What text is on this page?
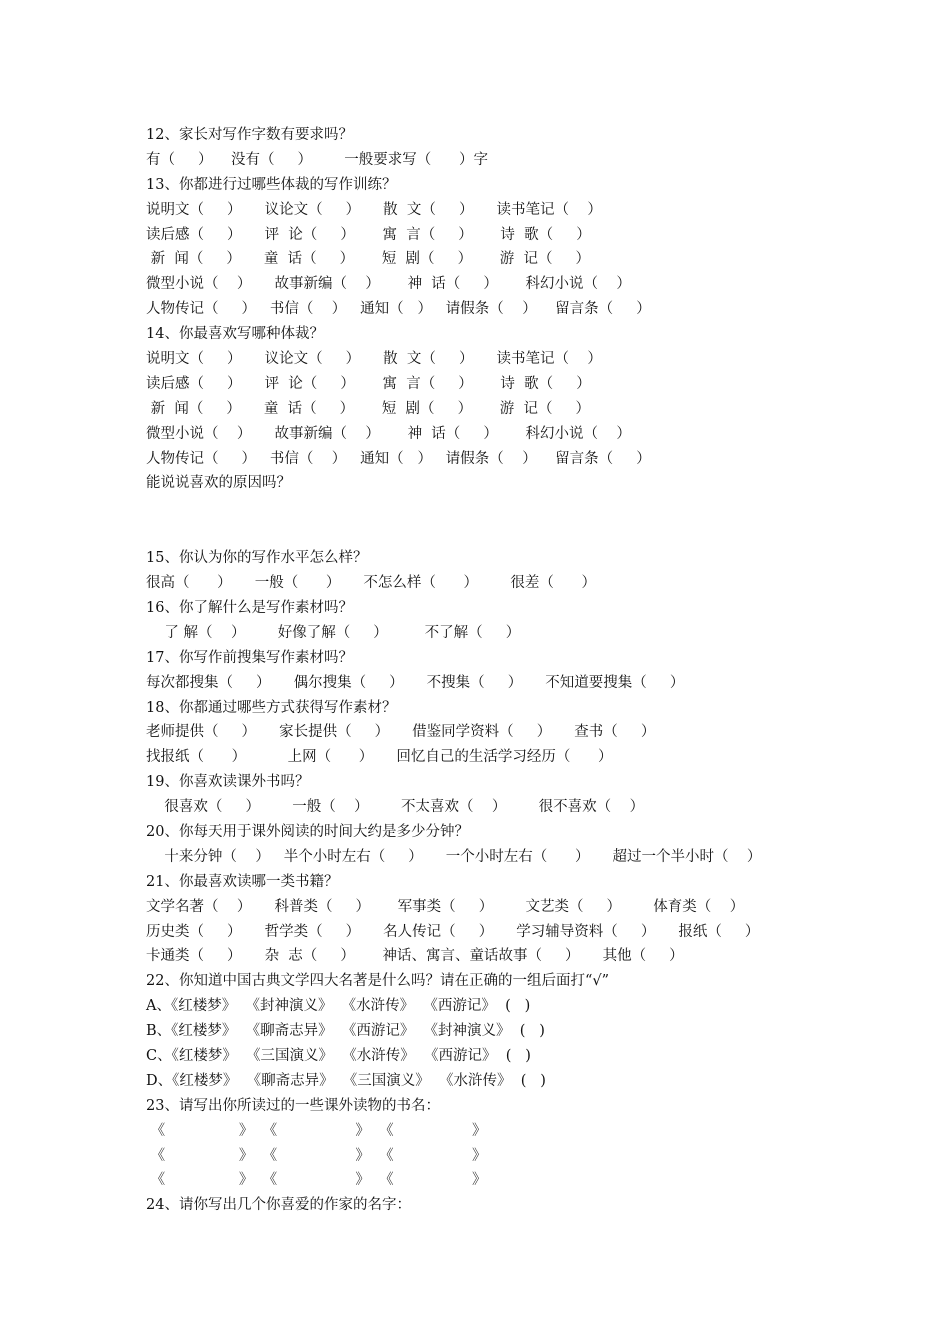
12、家长对写作字数有要求吗？
有（     ）    没有（     ）       一般要求写（      ）字
13、你都进行过哪些体裁的写作训练？
说明文（     ）     议论文（     ）     散  文（     ）     读书笔记（    ）
读后感（     ）     评  论（     ）      寓  言（     ）      诗  歌（     ）
新  闻（     ）     童  话（     ）      短  剧（     ）      游  记（     ）
微型小说（    ）     故事新编（    ）      神  话（     ）      科幻小说（    ）
人物传记（     ）   书信（    ）   通知（   ）   请假条（    ）    留言条（     ）
14、你最喜欢写哪种体裁？
说明文（     ）     议论文（     ）     散  文（     ）     读书笔记（    ）
读后感（     ）     评  论（     ）      寓  言（     ）      诗  歌（     ）
新  闻（     ）     童  话（     ）      短  剧（     ）      游  记（     ）
微型小说（    ）     故事新编（    ）      神  话（     ）      科幻小说（    ）
人物传记（     ）   书信（    ）   通知（   ）   请假条（    ）    留言条（     ）
能说说喜欢的原因吗？
15、你认为你的写作水平怎么样？
很高（      ）     一般（      ）     不怎么样（      ）       很差（      ）
16、你了解什么是写作素材吗？
了 解（    ）       好像了解（     ）        不了解（     ）
17、你写作前搜集写作素材吗？
每次都搜集（     ）     偶尔搜集（     ）     不搜集（     ）     不知道要搜集（     ）
18、你都通过哪些方式获得写作素材？
老师提供（     ）     家长提供（     ）     借鉴同学资料（     ）     查书（     ）
找报纸（      ）         上网（      ）     回忆自己的生活学习经历（      ）
19、你喜欢读课外书吗？
很喜欢（     ）       一般（    ）       不太喜欢（    ）       很不喜欢（    ）
20、你每天用于课外阅读的时间大约是多少分钟？
十来分钟（    ）   半个小时左右（     ）     一个小时左右（      ）     超过一个半小时（    ）
21、你最喜欢读哪一类书籍？
文学名著（    ）     科普类（     ）      军事类（     ）       文艺类（     ）       体育类（    ）
历史类（     ）     哲学类（     ）     名人传记（     ）     学习辅导资料（     ）     报纸（     ）
卡通类（     ）     杂  志（     ）      神话、寓言、童话故事（     ）     其他（     ）
22、你知道中国古典文学四大名著是什么吗？请在正确的一组后面打“√”
A、《红楼梦》  《封神演义》  《水浒传》  《西游记》  (   )
B、《红楼梦》  《聊斋志异》  《西游记》  《封神演义》  (   )
C、《红楼梦》  《三国演义》  《水浒传》  《西游记》  (   )
D、《红楼梦》  《聊斋志异》  《三国演义》  《水浒传》  (   )
23、请写出你所读过的一些课外读物的书名：
《                》  《                 》  《                 》
《                》  《                 》  《                 》
《                》  《                 》  《                 》
24、请你写出几个你喜爱的作家的名字：
